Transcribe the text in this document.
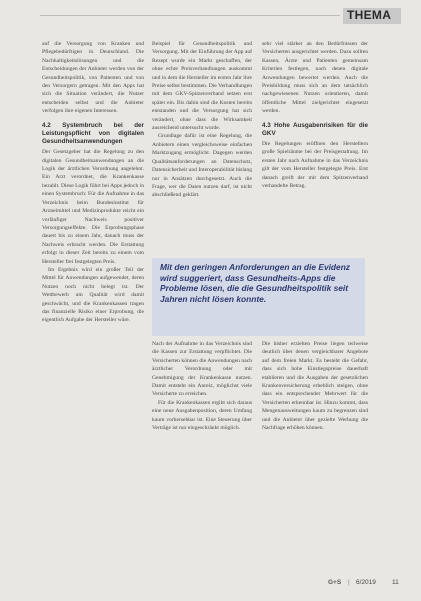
THEMA

auf die Versorgung von Kranken und Pflegebedürftigen in Deutschland. Die Nachhaltigkeitslösungen und die Entscheidungen der Anbieter werden von der Gesundheitspolitik, von Patienten und von den Versorgern getragen. Mit den Apps hat sich die Situation verändert, die Nutzer entscheiden selbst und die Anbieter verfolgen ihre eigenen Interessen.

4.2 Systembruch bei der Leistungspflicht von digitalen Gesundheitsanwendungen

Der Gesetzgeber hat die Regelung zu den digitalen Gesundheitsanwendungen an die Logik der ärztlichen Verordnung angelehnt. Ein Arzt verordnet, die Krankenkasse bezahlt. Diese Logik führt bei Apps jedoch in einen Systembruch: Für die Aufnahme in das Verzeichnis beim Bundesinstitut für Arzneimittel und Medizinprodukte reicht ein vorläufiger Nachweis positiver Versorgungseffekte. Die Erprobungsphase dauert bis zu einem Jahr, danach muss der Nachweis erbracht werden. Die Erstattung erfolgt in dieser Zeit bereits zu einem vom Hersteller frei festgelegten Preis.

Im Ergebnis wird ein großer Teil der Mittel für Anwendungen aufgewendet, deren Nutzen noch nicht belegt ist. Der Wettbewerb um Qualität wird damit geschwächt, und die Krankenkassen tragen das finanzielle Risiko einer Erprobung, die eigentlich Aufgabe der Hersteller wäre.

Beispiel für Gesundheitspolitik und Versorgung. Mit der Einführung der App auf Rezept wurde ein Markt geschaffen, der ohne echte Preisverhandlungen auskommt und in dem die Hersteller im ersten Jahr ihre Preise selbst bestimmen. Die Verhandlungen mit dem GKV-Spitzenverband setzen erst später ein. Bis dahin sind die Kosten bereits entstanden und die Versorgung hat sich verändert, ohne dass die Wirksamkeit ausreichend untersucht wurde.

Grundlage dafür ist eine Regelung, die Anbietern einen vergleichsweise einfachen Marktzugang ermöglicht. Dagegen werden Qualitätsanforderungen an Datenschutz, Datensicherheit und Interoperabilität bislang nur in Ansätzen durchgesetzt. Auch die Frage, wer die Daten nutzen darf, ist nicht abschließend geklärt.

Nach der Aufnahme in das Verzeichnis sind die Kassen zur Erstattung verpflichtet. Die Versicherten können die Anwendungen nach ärztlicher Verordnung oder mit Genehmigung der Krankenkasse nutzen. Damit entsteht ein Anreiz, möglichst viele Versicherte zu erreichen.

Für die Krankenkassen ergibt sich daraus eine neue Ausgabenposition, deren Umfang kaum vorhersehbar ist. Eine Steuerung über Verträge ist nur eingeschränkt möglich.

sehr viel stärker an den Bedürfnissen der Versicherten ausgerichtet werden. Dazu sollten Kassen, Ärzte und Patienten gemeinsam Kriterien festlegen, nach denen digitale Anwendungen bewertet werden. Auch die Preisbildung muss sich an dem tatsächlich nachgewiesenen Nutzen orientieren, damit öffentliche Mittel zielgerichtet eingesetzt werden.

4.3 Hohe Ausgabenrisiken für die GKV

Die Regelungen eröffnen den Herstellern große Spielräume bei der Preisgestaltung. Im ersten Jahr nach Aufnahme in das Verzeichnis gilt der vom Hersteller festgelegte Preis. Erst danach greift der mit dem Spitzenverband verhandelte Betrag.

Die bisher erzielten Preise liegen teilweise deutlich über denen vergleichbarer Angebote auf dem freien Markt. Es besteht die Gefahr, dass sich hohe Einstiegspreise dauerhaft etablieren und die Ausgaben der gesetzlichen Krankenversicherung erheblich steigen, ohne dass ein entsprechender Mehrwert für die Versicherten erkennbar ist. Hinzu kommt, dass Mengenausweitungen kaum zu begrenzen sind und die Anbieter über gezielte Werbung die Nachfrage erhöhen können.

Mit den geringen Anforderungen an die Evidenz wird suggeriert, dass Gesundheits-Apps die Probleme lösen, die die Gesundheitspolitik seit Jahren nicht lösen konnte.
G+S | 6/2019 11
